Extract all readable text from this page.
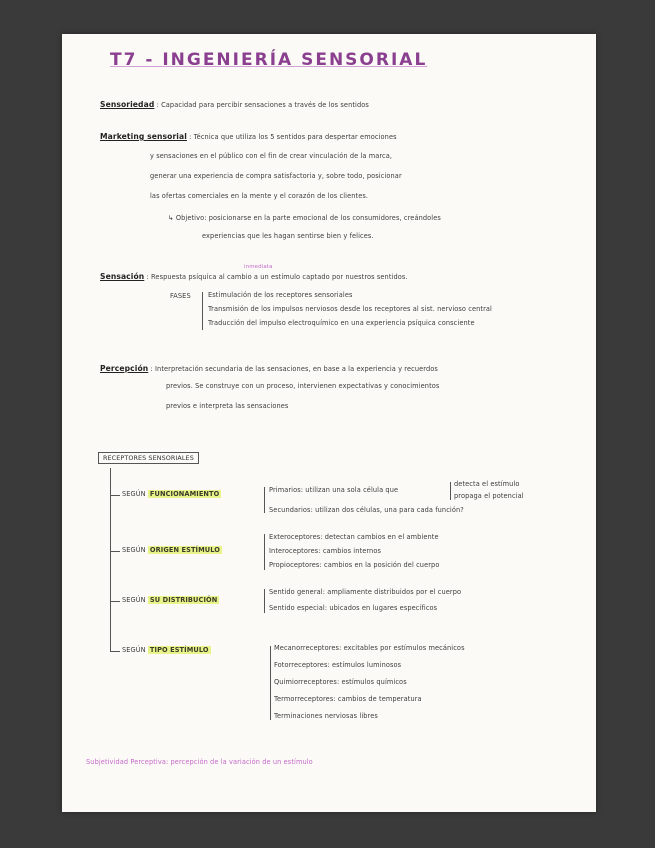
T7 - INGENIERÍA SENSORIAL
Sensoriedad : Capacidad para percibir sensaciones a través de los sentidos
Marketing sensorial : Técnica que utiliza los 5 sentidos para despertar emociones
y sensaciones en el público con el fin de crear vinculación de la marca,
generar una experiencia de compra satisfactoria y, sobre todo, posicionar
las ofertas comerciales en la mente y el corazón de los clientes.
↳ Objetivo: posicionarse en la parte emocional de los consumidores, creándoles
experiencias que les hagan sentirse bien y felices.
inmediata
Sensación : Respuesta psíquica al cambio a un estímulo captado por nuestros sentidos.
FASES	Estimulación de los receptores sensoriales
Transmisión de los impulsos nerviosos desde los receptores al sist. nervioso central
Traducción del impulso electroquímico en una experiencia psíquica consciente
Percepción : Interpretación secundaria de las sensaciones, en base a la experiencia y recuerdos
previos. Se construye con un proceso, intervienen expectativas y conocimientos
previos e interpreta las sensaciones
RECEPTORES SENSORIALES
SEGÚN FUNCIONAMIENTO	Primarios: utilizan una sola célula que
detecta el estímulo
propaga el potencial
Secundarios: utilizan dos células, una para cada función?
SEGÚN ORIGEN ESTÍMULO
Exteroceptores: detectan cambios en el ambiente
Interoceptores: cambios internos
Propioceptores: cambios en la posición del cuerpo
SEGÚN SU DISTRIBUCIÓN
Sentido general: ampliamente distribuidos por el cuerpo
Sentido especial: ubicados en lugares específicos
SEGÚN TIPO ESTÍMULO	Mecanorreceptores: excitables por estímulos mecánicos
Fotorreceptores: estímulos luminosos
Quimiorreceptores: estímulos químicos
Termorreceptores: cambios de temperatura
Terminaciones nerviosas libres
Subjetividad Perceptiva: percepción de la variación de un estímulo
